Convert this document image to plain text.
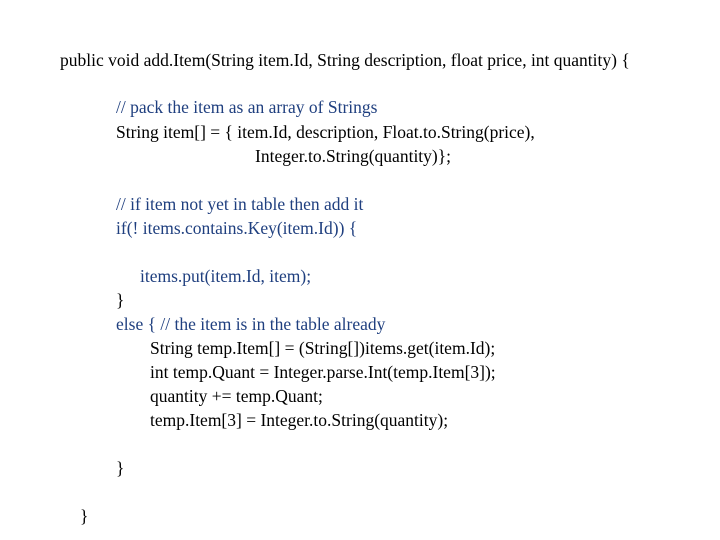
public void add.Item(String item.Id, String description, float price, int quantity) {
// pack the item as an array of Strings
String item[] = { item.Id, description, Float.to.String(price),
Integer.to.String(quantity)};
// if item not yet in table then add it
if(! items.contains.Key(item.Id)) {
items.put(item.Id, item);
}
else { // the item is in the table already
String temp.Item[] = (String[])items.get(item.Id);
int temp.Quant = Integer.parse.Int(temp.Item[3]);
quantity += temp.Quant;
temp.Item[3] = Integer.to.String(quantity);
}
}
